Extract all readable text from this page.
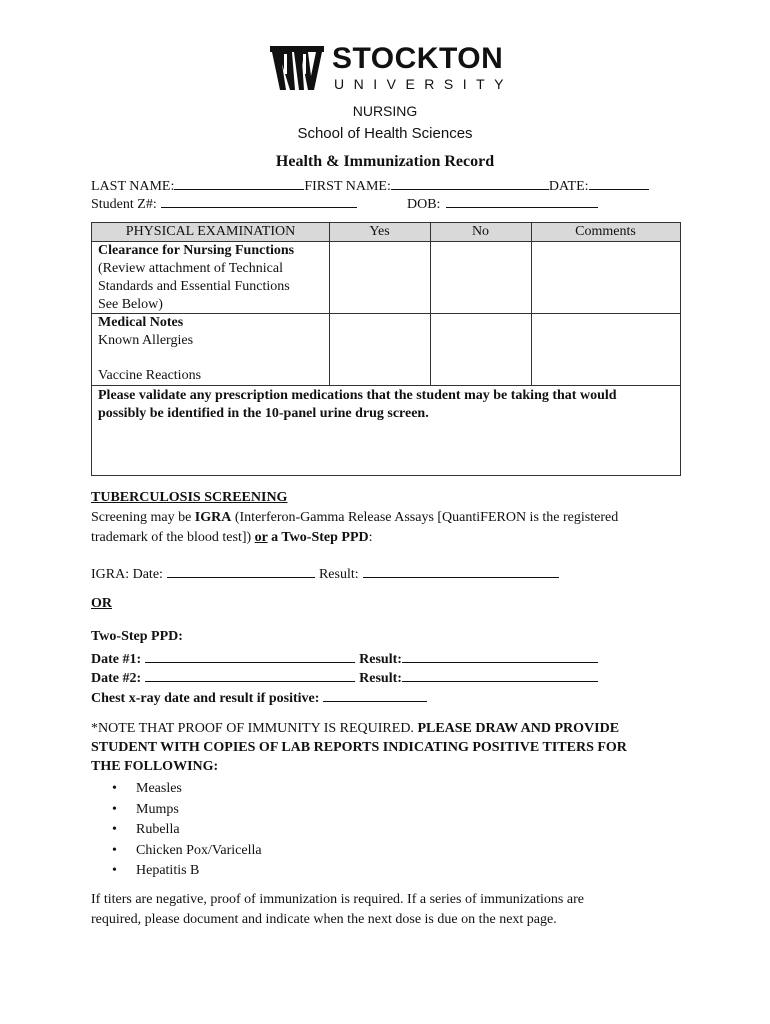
STOCKTON
UNIVERSITY
NURSING
School of Health Sciences
Health & Immunization Record
LAST NAME:	FIRST NAME:	DATE:
Student Z#:	DOB:
PHYSICAL EXAMINATION	Yes	No	Comments
Clearance for Nursing Functions
(Review attachment of Technical
Standards and Essential Functions
See Below)
Medical Notes
Known Allergies
Vaccine Reactions
Please validate any prescription medications that the student may be taking that would
possibly be identified in the 10-panel urine drug screen.
TUBERCULOSIS SCREENING
Screening may be IGRA (Interferon-Gamma Release Assays [QuantiFERON is the registered
trademark of the blood test]) or a Two-Step PPD:
IGRA: Date:	Result:
OR
Two-Step PPD:
Date #1:	Result:
Date #2:	Result:
Chest x-ray date and result if positive:
*NOTE THAT PROOF OF IMMUNITY IS REQUIRED. PLEASE DRAW AND PROVIDE
STUDENT WITH COPIES OF LAB REPORTS INDICATING POSITIVE TITERS FOR
THE FOLLOWING:
• Measles
• Mumps
• Rubella
• Chicken Pox/Varicella
• Hepatitis B
If titers are negative, proof of immunization is required. If a series of immunizations are
required, please document and indicate when the next dose is due on the next page.
